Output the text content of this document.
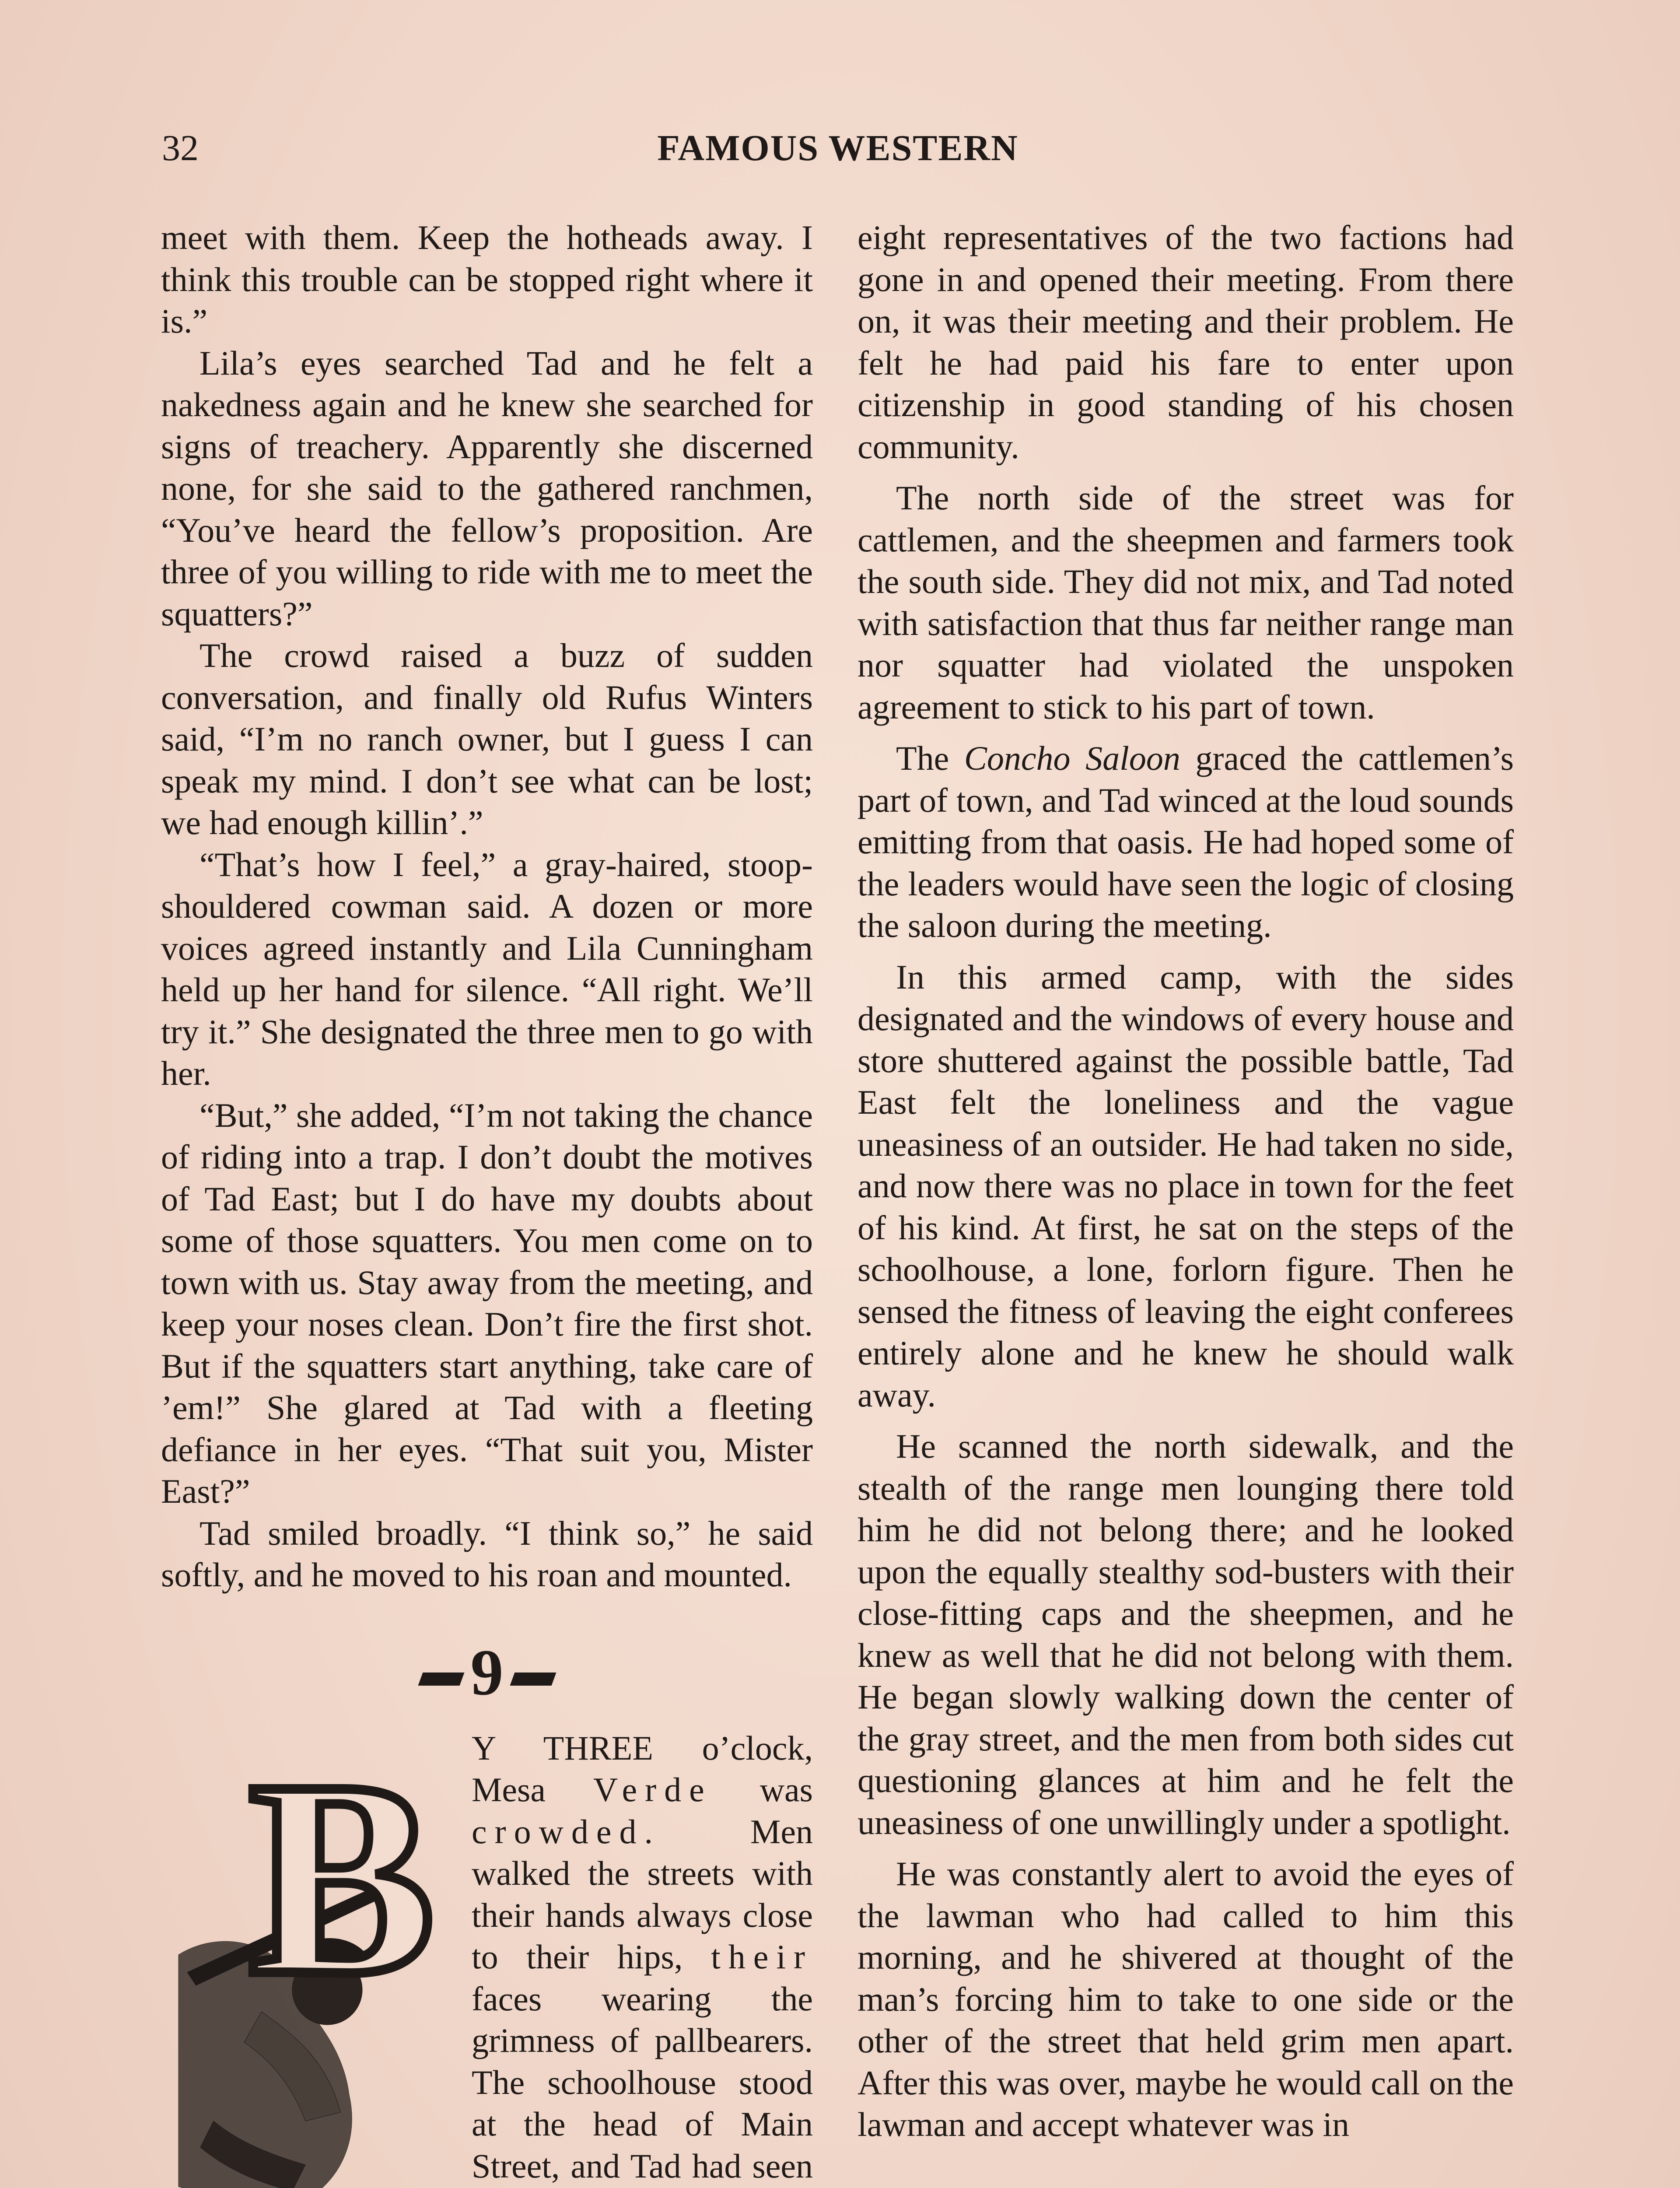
32	FAMOUS WESTERN

meet with them. Keep the hotheads away. I think this trouble can be stopped right where it is.”

Lila’s eyes searched Tad and he felt a nakedness again and he knew she searched for signs of treachery. Apparently she discerned none, for she said to the gathered ranchmen, “You’ve heard the fellow’s proposition. Are three of you willing to ride with me to meet the squatters?”

The crowd raised a buzz of sudden conversation, and finally old Rufus Winters said, “I’m no ranch owner, but I guess I can speak my mind. I don’t see what can be lost; we had enough killin’.”

“That’s how I feel,” a gray-haired, stoop-shouldered cowman said. A dozen or more voices agreed instantly and Lila Cunningham held up her hand for silence. “All right. We’ll try it.” She designated the three men to go with her.

“But,” she added, “I’m not taking the chance of riding into a trap. I don’t doubt the motives of Tad East; but I do have my doubts about some of those squatters. You men come on to town with us. Stay away from the meeting, and keep your noses clean. Don’t fire the first shot. But if the squatters start anything, take care of ’em!” She glared at Tad with a fleeting defiance in her eyes. “That suit you, Mister East?”

Tad smiled broadly. “I think so,” he said softly, and he moved to his roan and mounted.

9
B	Y THREE o’clock, Mesa Verde was crowded. Men walked the streets with their hands always close to their hips, their faces wearing the grimness of pallbearers. The schoolhouse stood at the head of Main Street, and Tad had seen

eight representatives of the two factions had gone in and opened their meeting. From there on, it was their meeting and their problem. He felt he had paid his fare to enter upon citizenship in good standing of his chosen community.

The north side of the street was for cattlemen, and the sheepmen and farmers took the south side. They did not mix, and Tad noted with satisfaction that thus far neither range man nor squatter had violated the unspoken agreement to stick to his part of town.

The Concho Saloon graced the cattlemen’s part of town, and Tad winced at the loud sounds emitting from that oasis. He had hoped some of the leaders would have seen the logic of closing the saloon during the meeting.

In this armed camp, with the sides designated and the windows of every house and store shuttered against the possible battle, Tad East felt the loneliness and the vague uneasiness of an outsider. He had taken no side, and now there was no place in town for the feet of his kind. At first, he sat on the steps of the schoolhouse, a lone, forlorn figure. Then he sensed the fitness of leaving the eight conferees entirely alone and he knew he should walk away.

He scanned the north sidewalk, and the stealth of the range men lounging there told him he did not belong there; and he looked upon the equally stealthy sod-busters with their close-fitting caps and the sheepmen, and he knew as well that he did not belong with them. He began slowly walking down the center of the gray street, and the men from both sides cut questioning glances at him and he felt the uneasiness of one unwillingly under a spotlight.

He was constantly alert to avoid the eyes of the lawman who had called to him this morning, and he shivered at thought of the man’s forcing him to take to one side or the other of the street that held grim men apart. After this was over, maybe he would call on the lawman and accept whatever was in
